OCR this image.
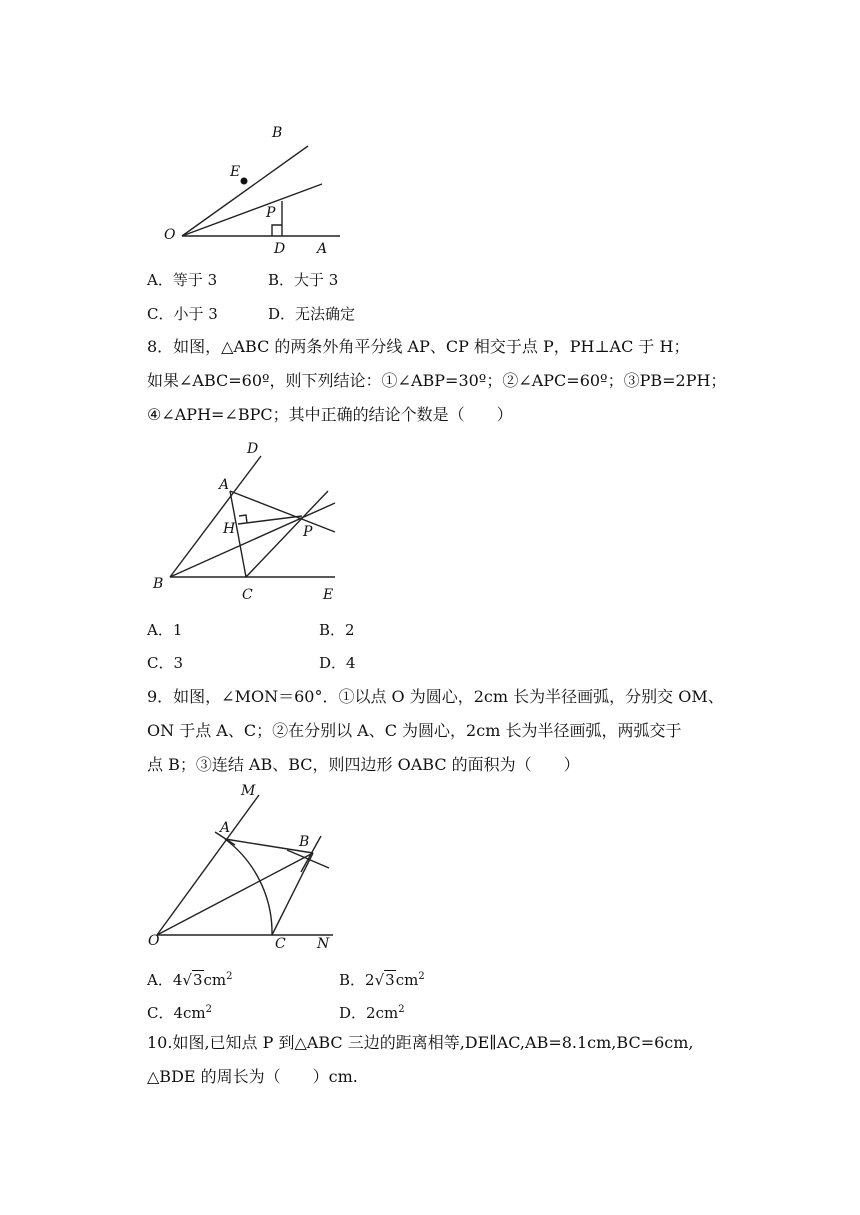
B
E
P
O
D A
A．等于 3	B．大于 3
C．小于 3	D．无法确定
8．如图，△ABC 的两条外角平分线 AP、CP 相交于点 P，PH⊥AC 于 H；
如果∠ABC=60º，则下列结论：①∠ABP=30º；②∠APC=60º；③PB=2PH；
④∠APH=∠BPC；其中正确的结论个数是（　　）
D
A
H	P
B
C	E
A．1	B．2
C．3	D．4
9．如图，∠MON＝60°．①以点 O 为圆心，2cm 长为半径画弧，分别交 OM、
ON 于点 A、C；②在分别以 A、C 为圆心，2cm 长为半径画弧，两弧交于
点 B；③连结 AB、BC，则四边形 OABC 的面积为（　　）
M
A
B
O	C N
A．$4√3cm^2$	B．$2√3cm^2$
C．$4cm^2$	D．$2cm^2$
10.如图,已知点 P 到△ABC 三边的距离相等,DE∥AC,AB=8.1cm,BC=6cm,
△BDE 的周长为（　　）cm.
